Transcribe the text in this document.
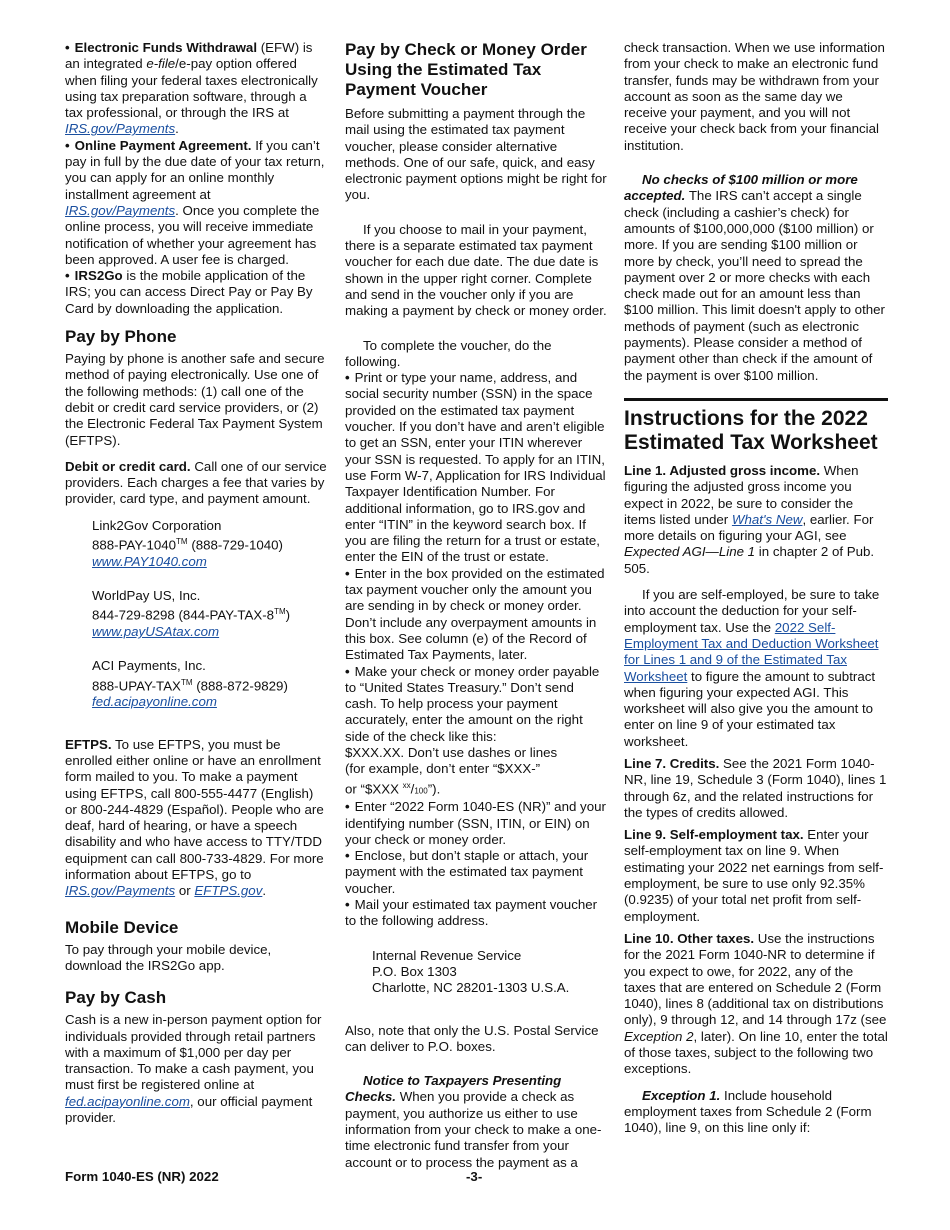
• Electronic Funds Withdrawal (EFW) is an integrated e-file/e-pay option offered when filing your federal taxes electronically using tax preparation software, through a tax professional, or through the IRS at IRS.gov/Payments.

• Online Payment Agreement. If you can’t pay in full by the due date of your tax return, you can apply for an online monthly installment agreement at IRS.gov/Payments. Once you complete the online process, you will receive immediate notification of whether your agreement has been approved. A user fee is charged.

• IRS2Go is the mobile application of the IRS; you can access Direct Pay or Pay By Card by downloading the application.

Pay by Phone

Paying by phone is another safe and secure method of paying electronically. Use one of the following methods: (1) call one of the debit or credit card service providers, or (2) the Electronic Federal Tax Payment System (EFTPS).

Debit or credit card. Call one of our service providers. Each charges a fee that varies by provider, card type, and payment amount.

Link2Gov Corporation

888-PAY-1040™ (888-729-1040)

www.PAY1040.com

WorldPay US, Inc.

844-729-8298 (844-PAY-TAX-8™)

www.payUSAtax.com

ACI Payments, Inc.

888-UPAY-TAX™ (888-872-9829)

fed.acipayonline.com

EFTPS. To use EFTPS, you must be enrolled either online or have an enrollment form mailed to you. To make a payment using EFTPS, call 800-555-4477 (English) or 800-244-4829 (Español). People who are deaf, hard of hearing, or have a speech disability and who have access to TTY/TDD equipment can call 800-733-4829. For more information about EFTPS, go to IRS.gov/Payments or EFTPS.gov.

Mobile Device

To pay through your mobile device, download the IRS2Go app.

Pay by Cash

Cash is a new in-person payment option for individuals provided through retail partners with a maximum of $1,000 per day per transaction. To make a cash payment, you must first be registered online at fed.acipayonline.com, our official payment provider.

Pay by Check or Money Order Using the Estimated Tax Payment Voucher

Before submitting a payment through the mail using the estimated tax payment voucher, please consider alternative methods. One of our safe, quick, and easy electronic payment options might be right for you.

If you choose to mail in your payment, there is a separate estimated tax payment voucher for each due date. The due date is shown in the upper right corner. Complete and send in the voucher only if you are making a payment by check or money order.

To complete the voucher, do the following.

• Print or type your name, address, and social security number (SSN) in the space provided on the estimated tax payment voucher. If you don’t have and aren’t eligible to get an SSN, enter your ITIN wherever your SSN is requested. To apply for an ITIN, use Form W-7, Application for IRS Individual Taxpayer Identification Number. For additional information, go to IRS.gov and enter “ITIN” in the keyword search box. If you are filing the return for a trust or estate, enter the EIN of the trust or estate.

• Enter in the box provided on the estimated tax payment voucher only the amount you are sending in by check or money order. Don’t include any overpayment amounts in this box. See column (e) of the Record of Estimated Tax Payments, later.

• Make your check or money order payable to “United States Treasury.” Don’t send cash. To help process your payment accurately, enter the amount on the right side of the check like this:
$XXX.XX. Don’t use dashes or lines
(for example, don’t enter “$XXX-”
or “$XXX $^{xx}$/100”).

• Enter “2022 Form 1040-ES (NR)” and your identifying number (SSN, ITIN, or EIN) on your check or money order.

• Enclose, but don’t staple or attach, your payment with the estimated tax payment voucher.

• Mail your estimated tax payment voucher to the following address.

Internal Revenue Service

P.O. Box 1303

Charlotte, NC 28201-1303 U.S.A.

Also, note that only the U.S. Postal Service can deliver to P.O. boxes.

Notice to Taxpayers Presenting Checks. When you provide a check as payment, you authorize us either to use information from your check to make a one-time electronic fund transfer from your account or to process the payment as a

check transaction. When we use information from your check to make an electronic fund transfer, funds may be withdrawn from your account as soon as the same day we receive your payment, and you will not receive your check back from your financial institution.

No checks of $100 million or more accepted. The IRS can’t accept a single check (including a cashier’s check) for amounts of $100,000,000 ($100 million) or more. If you are sending $100 million or more by check, you’ll need to spread the payment over 2 or more checks with each check made out for an amount less than $100 million. This limit doesn't apply to other methods of payment (such as electronic payments). Please consider a method of payment other than check if the amount of the payment is over $100 million.

Instructions for the 2022 Estimated Tax Worksheet

Line 1. Adjusted gross income. When figuring the adjusted gross income you expect in 2022, be sure to consider the items listed under What's New, earlier. For more details on figuring your AGI, see Expected AGI—Line 1 in chapter 2 of Pub. 505.

If you are self-employed, be sure to take into account the deduction for your self-employment tax. Use the 2022 Self-Employment Tax and Deduction Worksheet for Lines 1 and 9 of the Estimated Tax Worksheet to figure the amount to subtract when figuring your expected AGI. This worksheet will also give you the amount to enter on line 9 of your estimated tax worksheet.

Line 7. Credits. See the 2021 Form 1040-NR, line 19, Schedule 3 (Form 1040), lines 1 through 6z, and the related instructions for the types of credits allowed.

Line 9. Self-employment tax. Enter your self-employment tax on line 9. When estimating your 2022 net earnings from self-employment, be sure to use only 92.35% (0.9235) of your total net profit from self-employment.

Line 10. Other taxes. Use the instructions for the 2021 Form 1040-NR to determine if you expect to owe, for 2022, any of the taxes that are entered on Schedule 2 (Form 1040), lines 8 (additional tax on distributions only), 9 through 12, and 14 through 17z (see Exception 2, later). On line 10, enter the total of those taxes, subject to the following two exceptions.

Exception 1. Include household employment taxes from Schedule 2 (Form 1040), line 9, on this line only if:

Form 1040-ES (NR) 2022	-3-
